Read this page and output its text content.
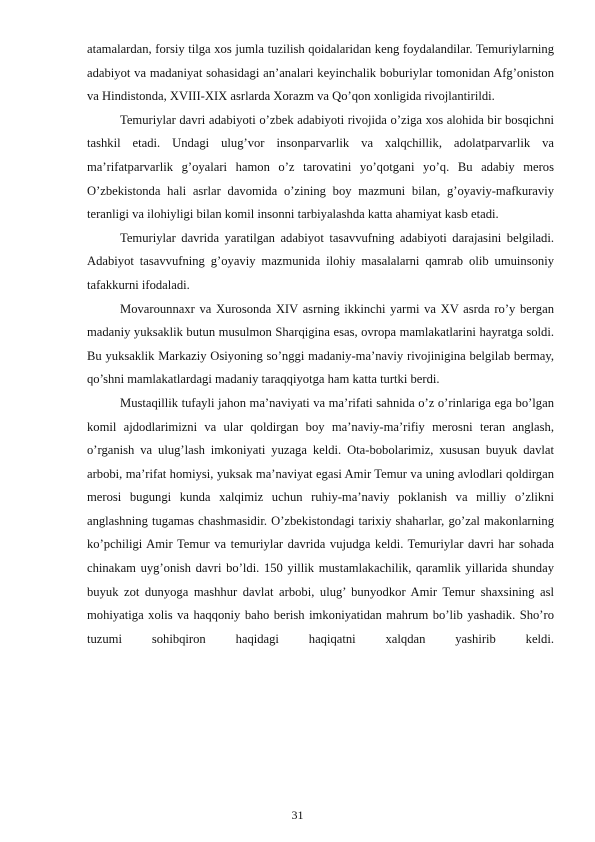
atamalardan, forsiy tilga xos jumla tuzilish qoidalaridan keng foydalandilar. Temuriylarning adabiyot va madaniyat sohasidagi an’analari keyinchalik boburiylar tomonidan Afg’oniston va Hindistonda, XVIII-XIX asrlarda Xorazm va Qo’qon xonligida rivojlantirildi.

Temuriylar davri adabiyoti o’zbek adabiyoti rivojida o’ziga xos alohida bir bosqichni tashkil etadi. Undagi ulug’vor insonparvarlik va xalqchillik, adolatparvarlik va ma’rifatparvarlik g’oyalari hamon o’z tarovatini yo’qotgani yo’q. Bu adabiy meros O’zbekistonda hali asrlar davomida o’zining boy mazmuni bilan, g’oyaviy-mafkuraviy teranligi va ilohiyligi bilan komil insonni tarbiyalashda katta ahamiyat kasb etadi.

Temuriylar davrida yaratilgan adabiyot tasavvufning adabiyoti darajasini belgiladi. Adabiyot tasavvufning g’oyaviy mazmunida ilohiy masalalarni qamrab olib umuinsoniy tafakkurni ifodaladi.

Movarounnaxr va Xurosonda XIV asrning ikkinchi yarmi va XV asrda ro’y bergan madaniy yuksaklik butun musulmon Sharqigina esas, ovropa mamlakatlarini hayratga soldi. Bu yuksaklik Markaziy Osiyoning so’nggi madaniy-ma’naviy rivojinigina belgilab bermay, qo’shni mamlakatlardagi madaniy taraqqiyotga ham katta turtki berdi.

Mustaqillik tufayli jahon ma’naviyati va ma’rifati sahnida o’z o’rinlariga ega bo’lgan komil ajdodlarimizni va ular qoldirgan boy ma’naviy-ma’rifiy merosni teran anglash, o’rganish va ulug’lash imkoniyati yuzaga keldi. Ota-bobolarimiz, xususan buyuk davlat arbobi, ma’rifat homiysi, yuksak ma’naviyat egasi Amir Temur va uning avlodlari qoldirgan merosi bugungi kunda xalqimiz uchun ruhiy-ma’naviy poklanish va milliy o’zlikni anglashning tugamas chashmasidir. O’zbekistondagi tarixiy shaharlar, go’zal makonlarning ko’pchiligi Amir Temur va temuriylar davrida vujudga keldi. Temuriylar davri har sohada chinakam uyg’onish davri bo’ldi. 150 yillik mustamlakachilik, qaramlik yillarida shunday buyuk zot dunyoga mashhur davlat arbobi, ulug’ bunyodkor Amir Temur shaxsining asl mohiyatiga xolis va haqqoniy baho berish imkoniyatidan mahrum bo’lib yashadik. Sho’ro tuzumi sohibqiron haqidagi haqiqatni xalqdan yashirib keldi.

31
